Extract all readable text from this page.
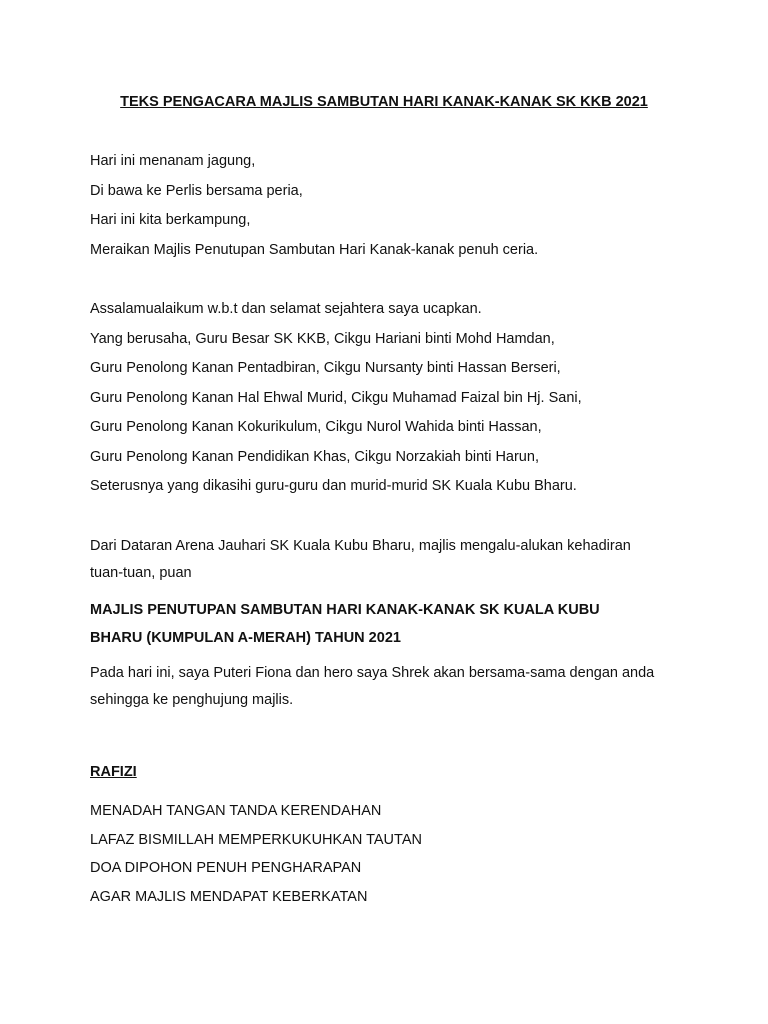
TEKS PENGACARA MAJLIS SAMBUTAN HARI KANAK-KANAK SK KKB 2021

Hari ini menanam jagung,

Di bawa ke Perlis bersama peria,

Hari ini kita berkampung,

Meraikan Majlis Penutupan Sambutan Hari Kanak-kanak penuh ceria.

Assalamualaikum w.b.t dan selamat sejahtera saya ucapkan.

Yang berusaha, Guru Besar SK KKB, Cikgu Hariani binti Mohd Hamdan,

Guru Penolong Kanan Pentadbiran, Cikgu Nursanty binti Hassan Berseri,

Guru Penolong Kanan Hal Ehwal Murid, Cikgu Muhamad Faizal bin Hj. Sani,

Guru Penolong Kanan Kokurikulum, Cikgu Nurol Wahida binti Hassan,

Guru Penolong Kanan Pendidikan Khas, Cikgu Norzakiah binti Harun,

Seterusnya yang dikasihi guru-guru dan murid-murid SK Kuala Kubu Bharu.

Dari Dataran Arena Jauhari SK Kuala Kubu Bharu, majlis mengalu-alukan kehadiran

tuan-tuan, puan

MAJLIS PENUTUPAN SAMBUTAN HARI KANAK-KANAK SK KUALA KUBU

BHARU (KUMPULAN A-MERAH) TAHUN 2021

Pada hari ini, saya Puteri Fiona dan hero saya Shrek akan bersama-sama dengan anda

sehingga ke penghujung majlis.

RAFIZI

MENADAH TANGAN TANDA KERENDAHAN

LAFAZ BISMILLAH MEMPERKUKUHKAN TAUTAN

DOA DIPOHON PENUH PENGHARAPAN

AGAR MAJLIS MENDAPAT KEBERKATAN
